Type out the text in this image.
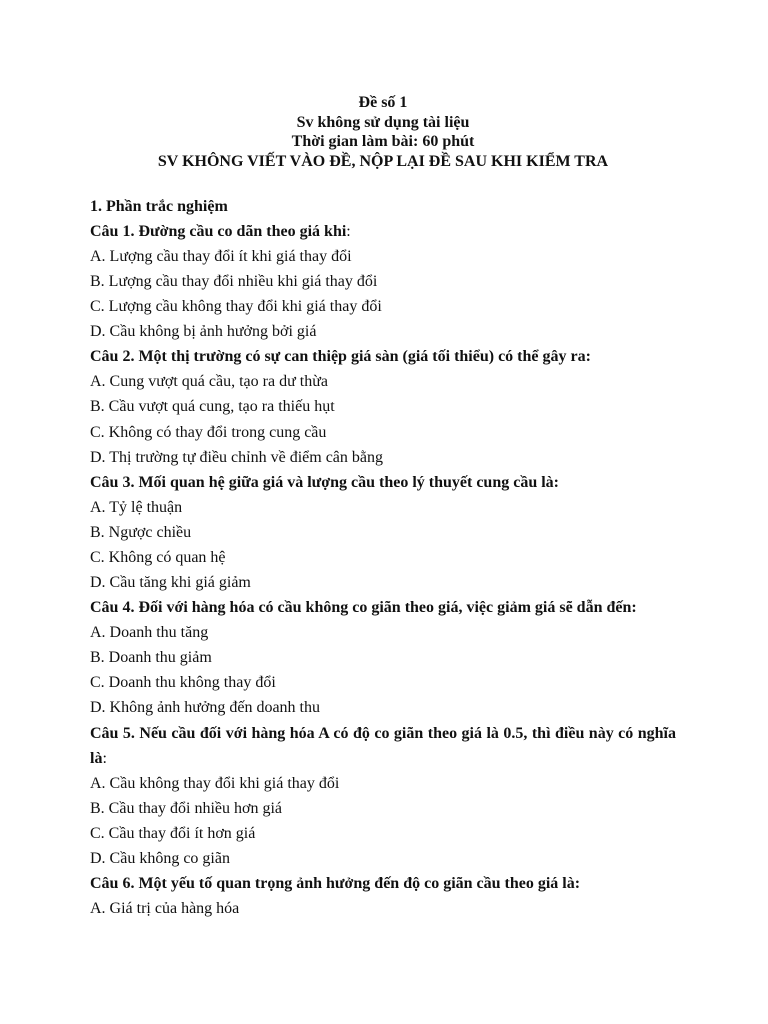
Đề số 1
Sv không sử dụng tài liệu
Thời gian làm bài: 60 phút
SV KHÔNG VIẾT VÀO ĐỀ, NỘP LẠI ĐỀ SAU KHI KIỂM TRA
1. Phần trắc nghiệm
Câu 1. Đường cầu co dãn theo giá khi:
A. Lượng cầu thay đổi ít khi giá thay đổi
B. Lượng cầu thay đổi nhiều khi giá thay đổi
C. Lượng cầu không thay đổi khi giá thay đổi
D. Cầu không bị ảnh hưởng bởi giá
Câu 2. Một thị trường có sự can thiệp giá sàn (giá tối thiểu) có thể gây ra:
A. Cung vượt quá cầu, tạo ra dư thừa
B. Cầu vượt quá cung, tạo ra thiếu hụt
C. Không có thay đổi trong cung cầu
D. Thị trường tự điều chỉnh về điểm cân bằng
Câu 3. Mối quan hệ giữa giá và lượng cầu theo lý thuyết cung cầu là:
A. Tỷ lệ thuận
B. Ngược chiều
C. Không có quan hệ
D. Cầu tăng khi giá giảm
Câu 4. Đối với hàng hóa có cầu không co giãn theo giá, việc giảm giá sẽ dẫn đến:
A. Doanh thu tăng
B. Doanh thu giảm
C. Doanh thu không thay đổi
D. Không ảnh hưởng đến doanh thu
Câu 5. Nếu cầu đối với hàng hóa A có độ co giãn theo giá là 0.5, thì điều này có nghĩa là:
A. Cầu không thay đổi khi giá thay đổi
B. Cầu thay đổi nhiều hơn giá
C. Cầu thay đổi ít hơn giá
D. Cầu không co giãn
Câu 6. Một yếu tố quan trọng ảnh hưởng đến độ co giãn cầu theo giá là:
A. Giá trị của hàng hóa
